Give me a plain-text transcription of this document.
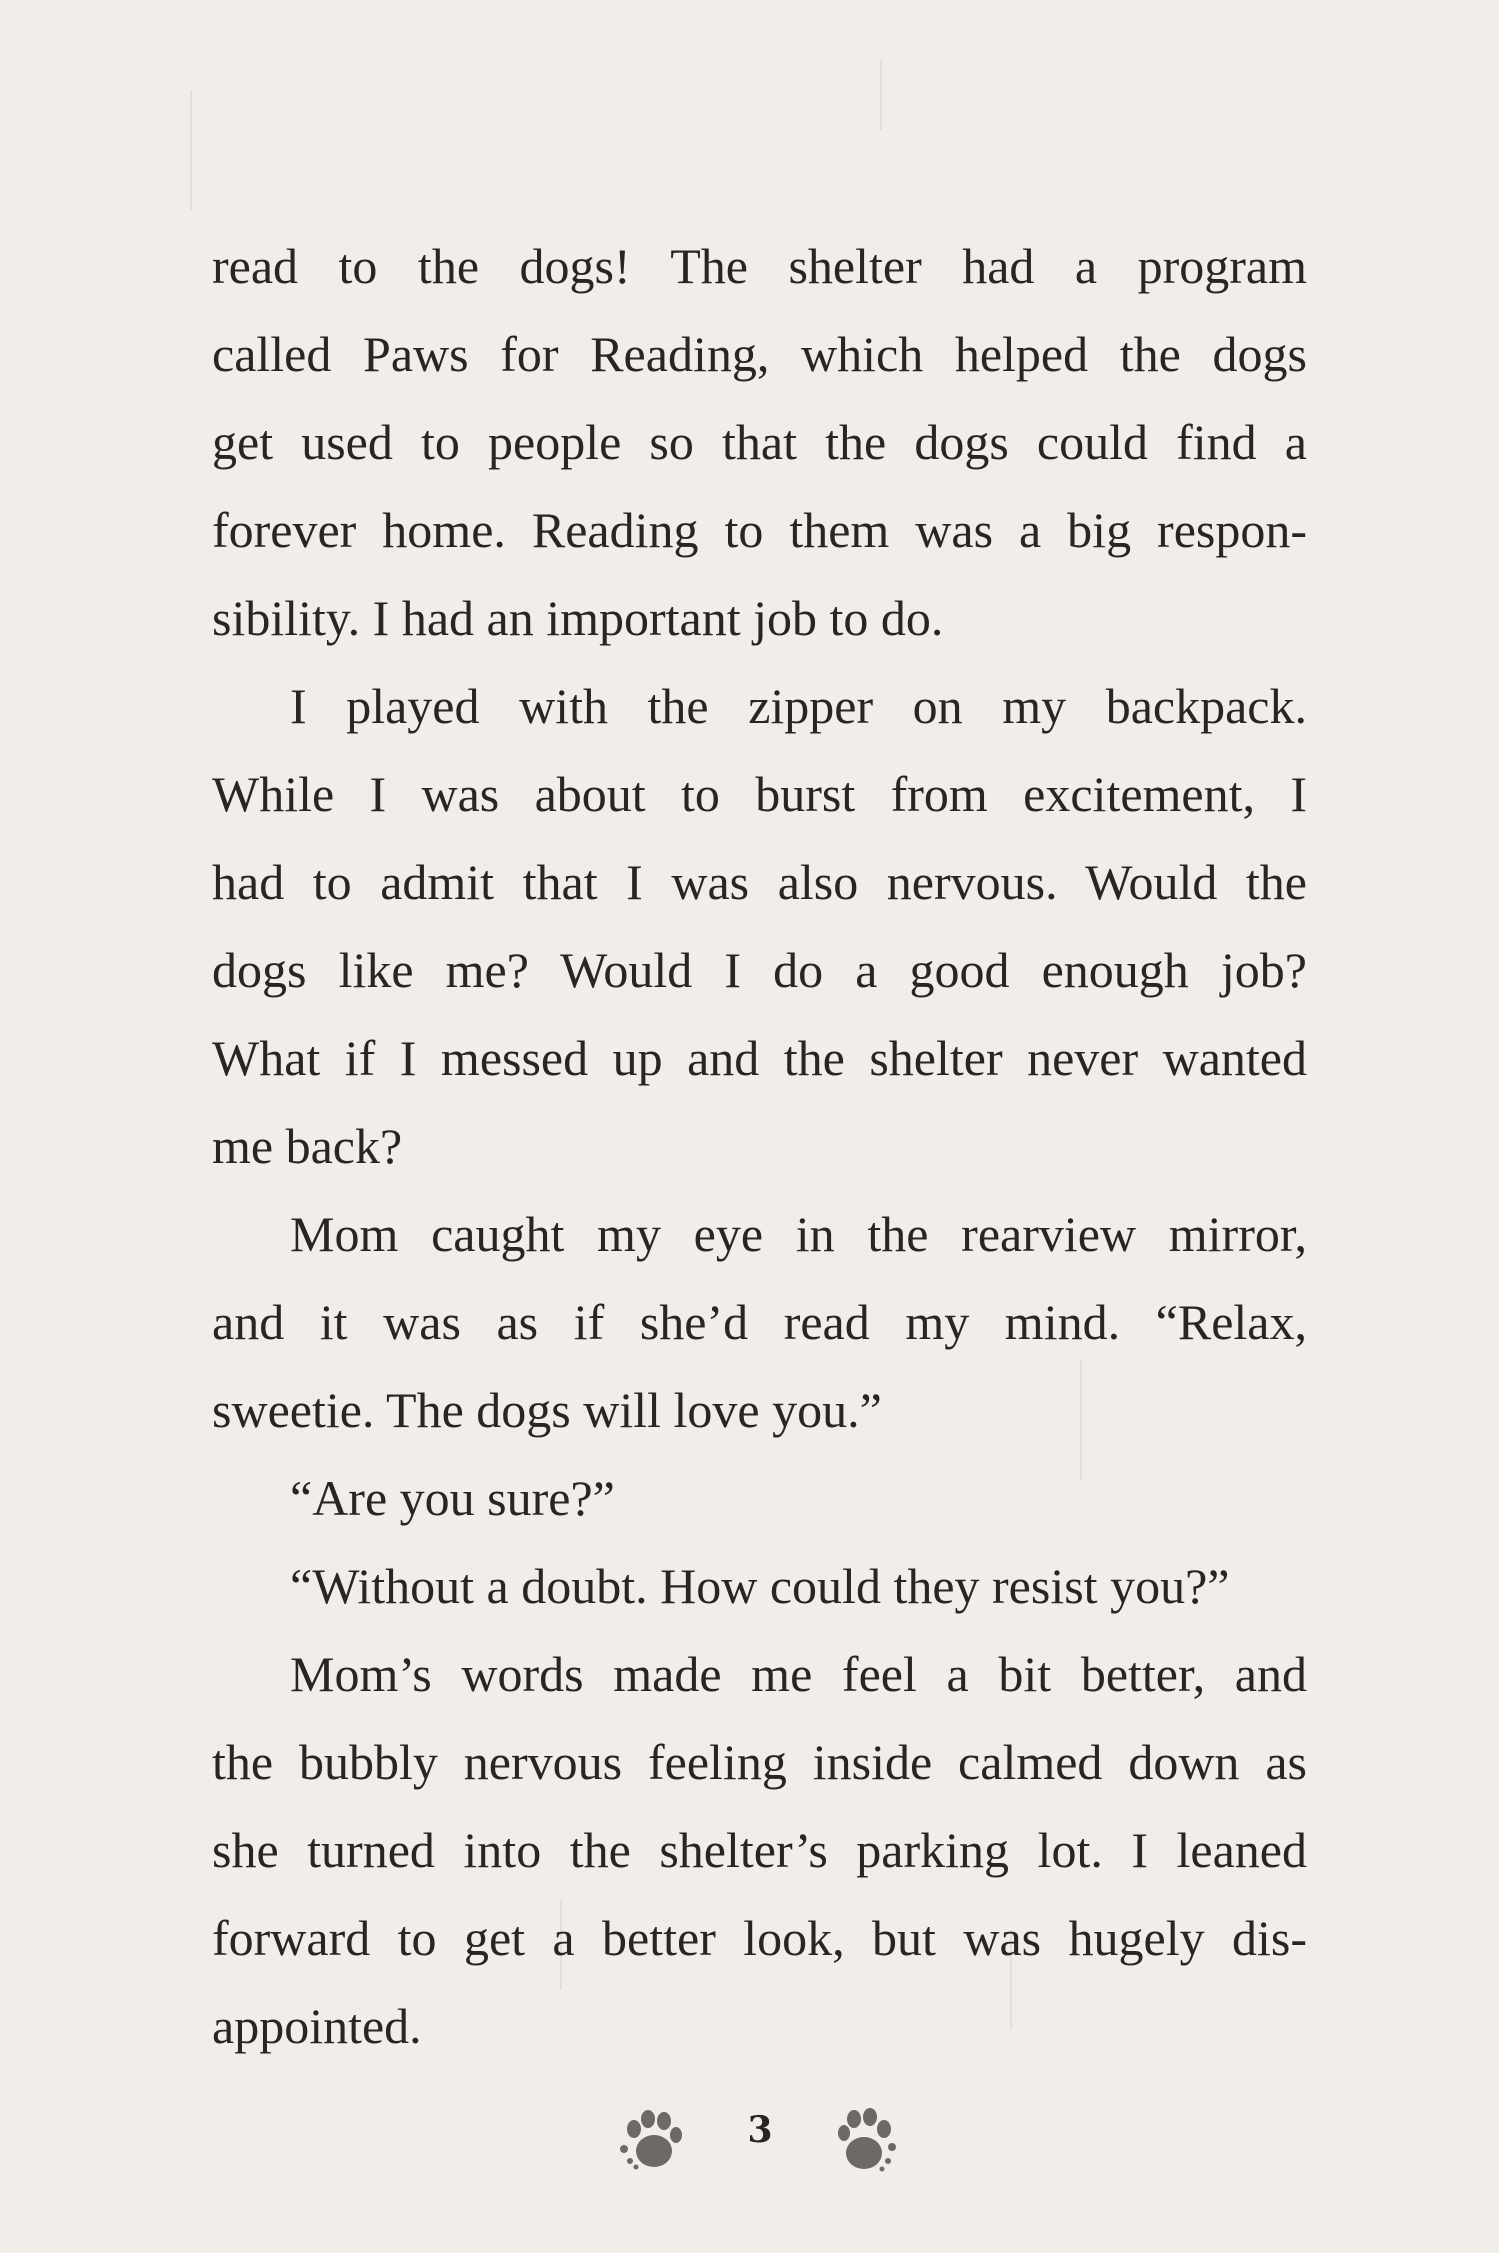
read to the dogs! The shelter had a program
called Paws for Reading, which helped the dogs
get used to people so that the dogs could find a
forever home. Reading to them was a big respon-
sibility. I had an important job to do.
I played with the zipper on my backpack.
While I was about to burst from excitement, I
had to admit that I was also nervous. Would the
dogs like me? Would I do a good enough job?
What if I messed up and the shelter never wanted
me back?
Mom caught my eye in the rearview mirror,
and it was as if she’d read my mind. “Relax,
sweetie. The dogs will love you.”
“Are you sure?”
“Without a doubt. How could they resist you?”
Mom’s words made me feel a bit better, and
the bubbly nervous feeling inside calmed down as
she turned into the shelter’s parking lot. I leaned
forward to get a better look, but was hugely dis-
appointed.
3
